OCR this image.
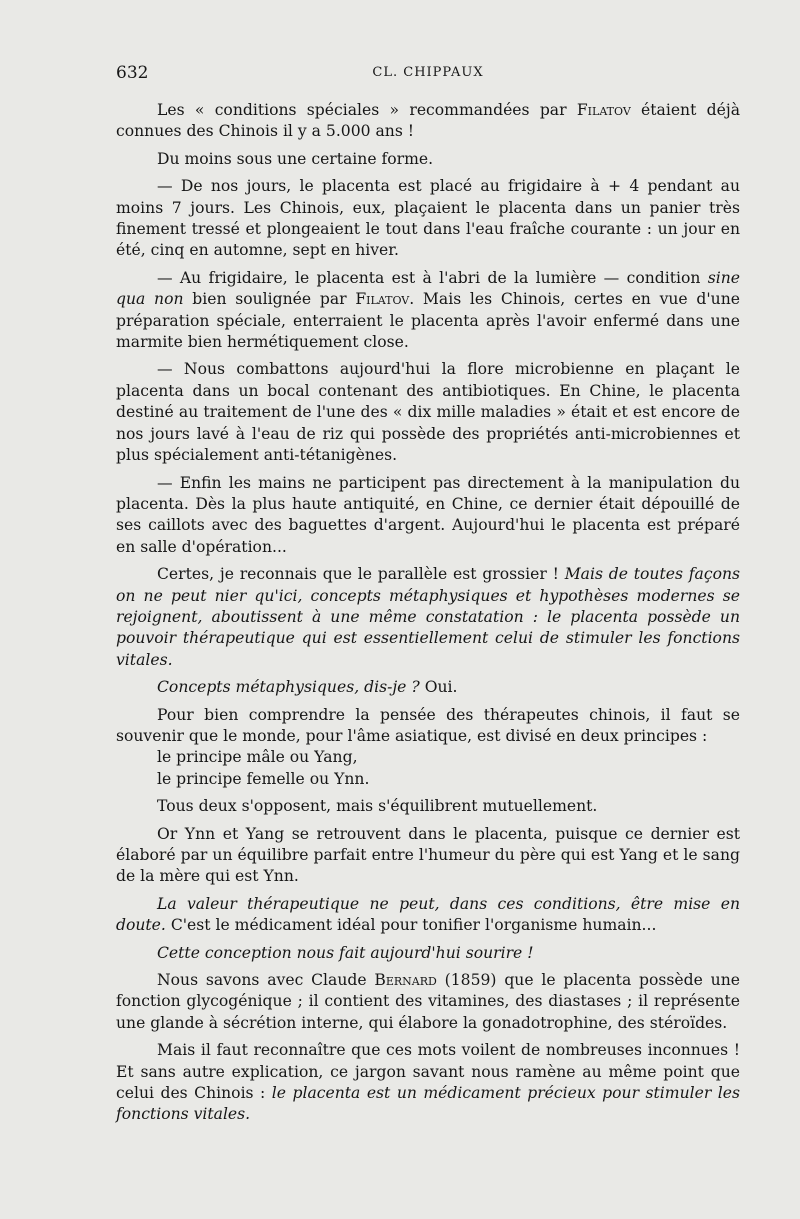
632	CL. CHIPPAUX

Les « conditions spéciales » recommandées par Filatov étaient déjà connues des Chinois il y a 5.000 ans !

Du moins sous une certaine forme.

— De nos jours, le placenta est placé au frigidaire à + 4 pendant au moins 7 jours. Les Chinois, eux, plaçaient le placenta dans un panier très finement tressé et plongeaient le tout dans l'eau fraîche courante : un jour en été, cinq en automne, sept en hiver.

— Au frigidaire, le placenta est à l'abri de la lumière — condition sine qua non bien soulignée par Filatov. Mais les Chinois, certes en vue d'une préparation spéciale, enterraient le placenta après l'avoir enfermé dans une marmite bien hermétiquement close.

— Nous combattons aujourd'hui la flore microbienne en plaçant le placenta dans un bocal contenant des antibiotiques. En Chine, le placenta destiné au traitement de l'une des « dix mille maladies » était et est encore de nos jours lavé à l'eau de riz qui possède des propriétés anti-microbiennes et plus spécialement anti-tétanigènes.

— Enfin les mains ne participent pas directement à la manipulation du placenta. Dès la plus haute antiquité, en Chine, ce dernier était dépouillé de ses caillots avec des baguettes d'argent. Aujourd'hui le placenta est préparé en salle d'opération...

Certes, je reconnais que le parallèle est grossier ! Mais de toutes façons on ne peut nier qu'ici, concepts métaphysiques et hypothèses modernes se rejoignent, aboutissent à une même constatation : le placenta possède un pouvoir thérapeutique qui est essentiellement celui de stimuler les fonctions vitales.

Concepts métaphysiques, dis-je ? Oui.

Pour bien comprendre la pensée des thérapeutes chinois, il faut se souvenir que le monde, pour l'âme asiatique, est divisé en deux principes :

le principe mâle ou Yang,
le principe femelle ou Ynn.

Tous deux s'opposent, mais s'équilibrent mutuellement.

Or Ynn et Yang se retrouvent dans le placenta, puisque ce dernier est élaboré par un équilibre parfait entre l'humeur du père qui est Yang et le sang de la mère qui est Ynn.

La valeur thérapeutique ne peut, dans ces conditions, être mise en doute. C'est le médicament idéal pour tonifier l'organisme humain...

Cette conception nous fait aujourd'hui sourire !

Nous savons avec Claude Bernard (1859) que le placenta possède une fonction glycogénique ; il contient des vitamines, des diastases ; il représente une glande à sécrétion interne, qui élabore la gonadotrophine, des stéroïdes.

Mais il faut reconnaître que ces mots voilent de nombreuses inconnues ! Et sans autre explication, ce jargon savant nous ramène au même point que celui des Chinois : le placenta est un médicament précieux pour stimuler les fonctions vitales.
